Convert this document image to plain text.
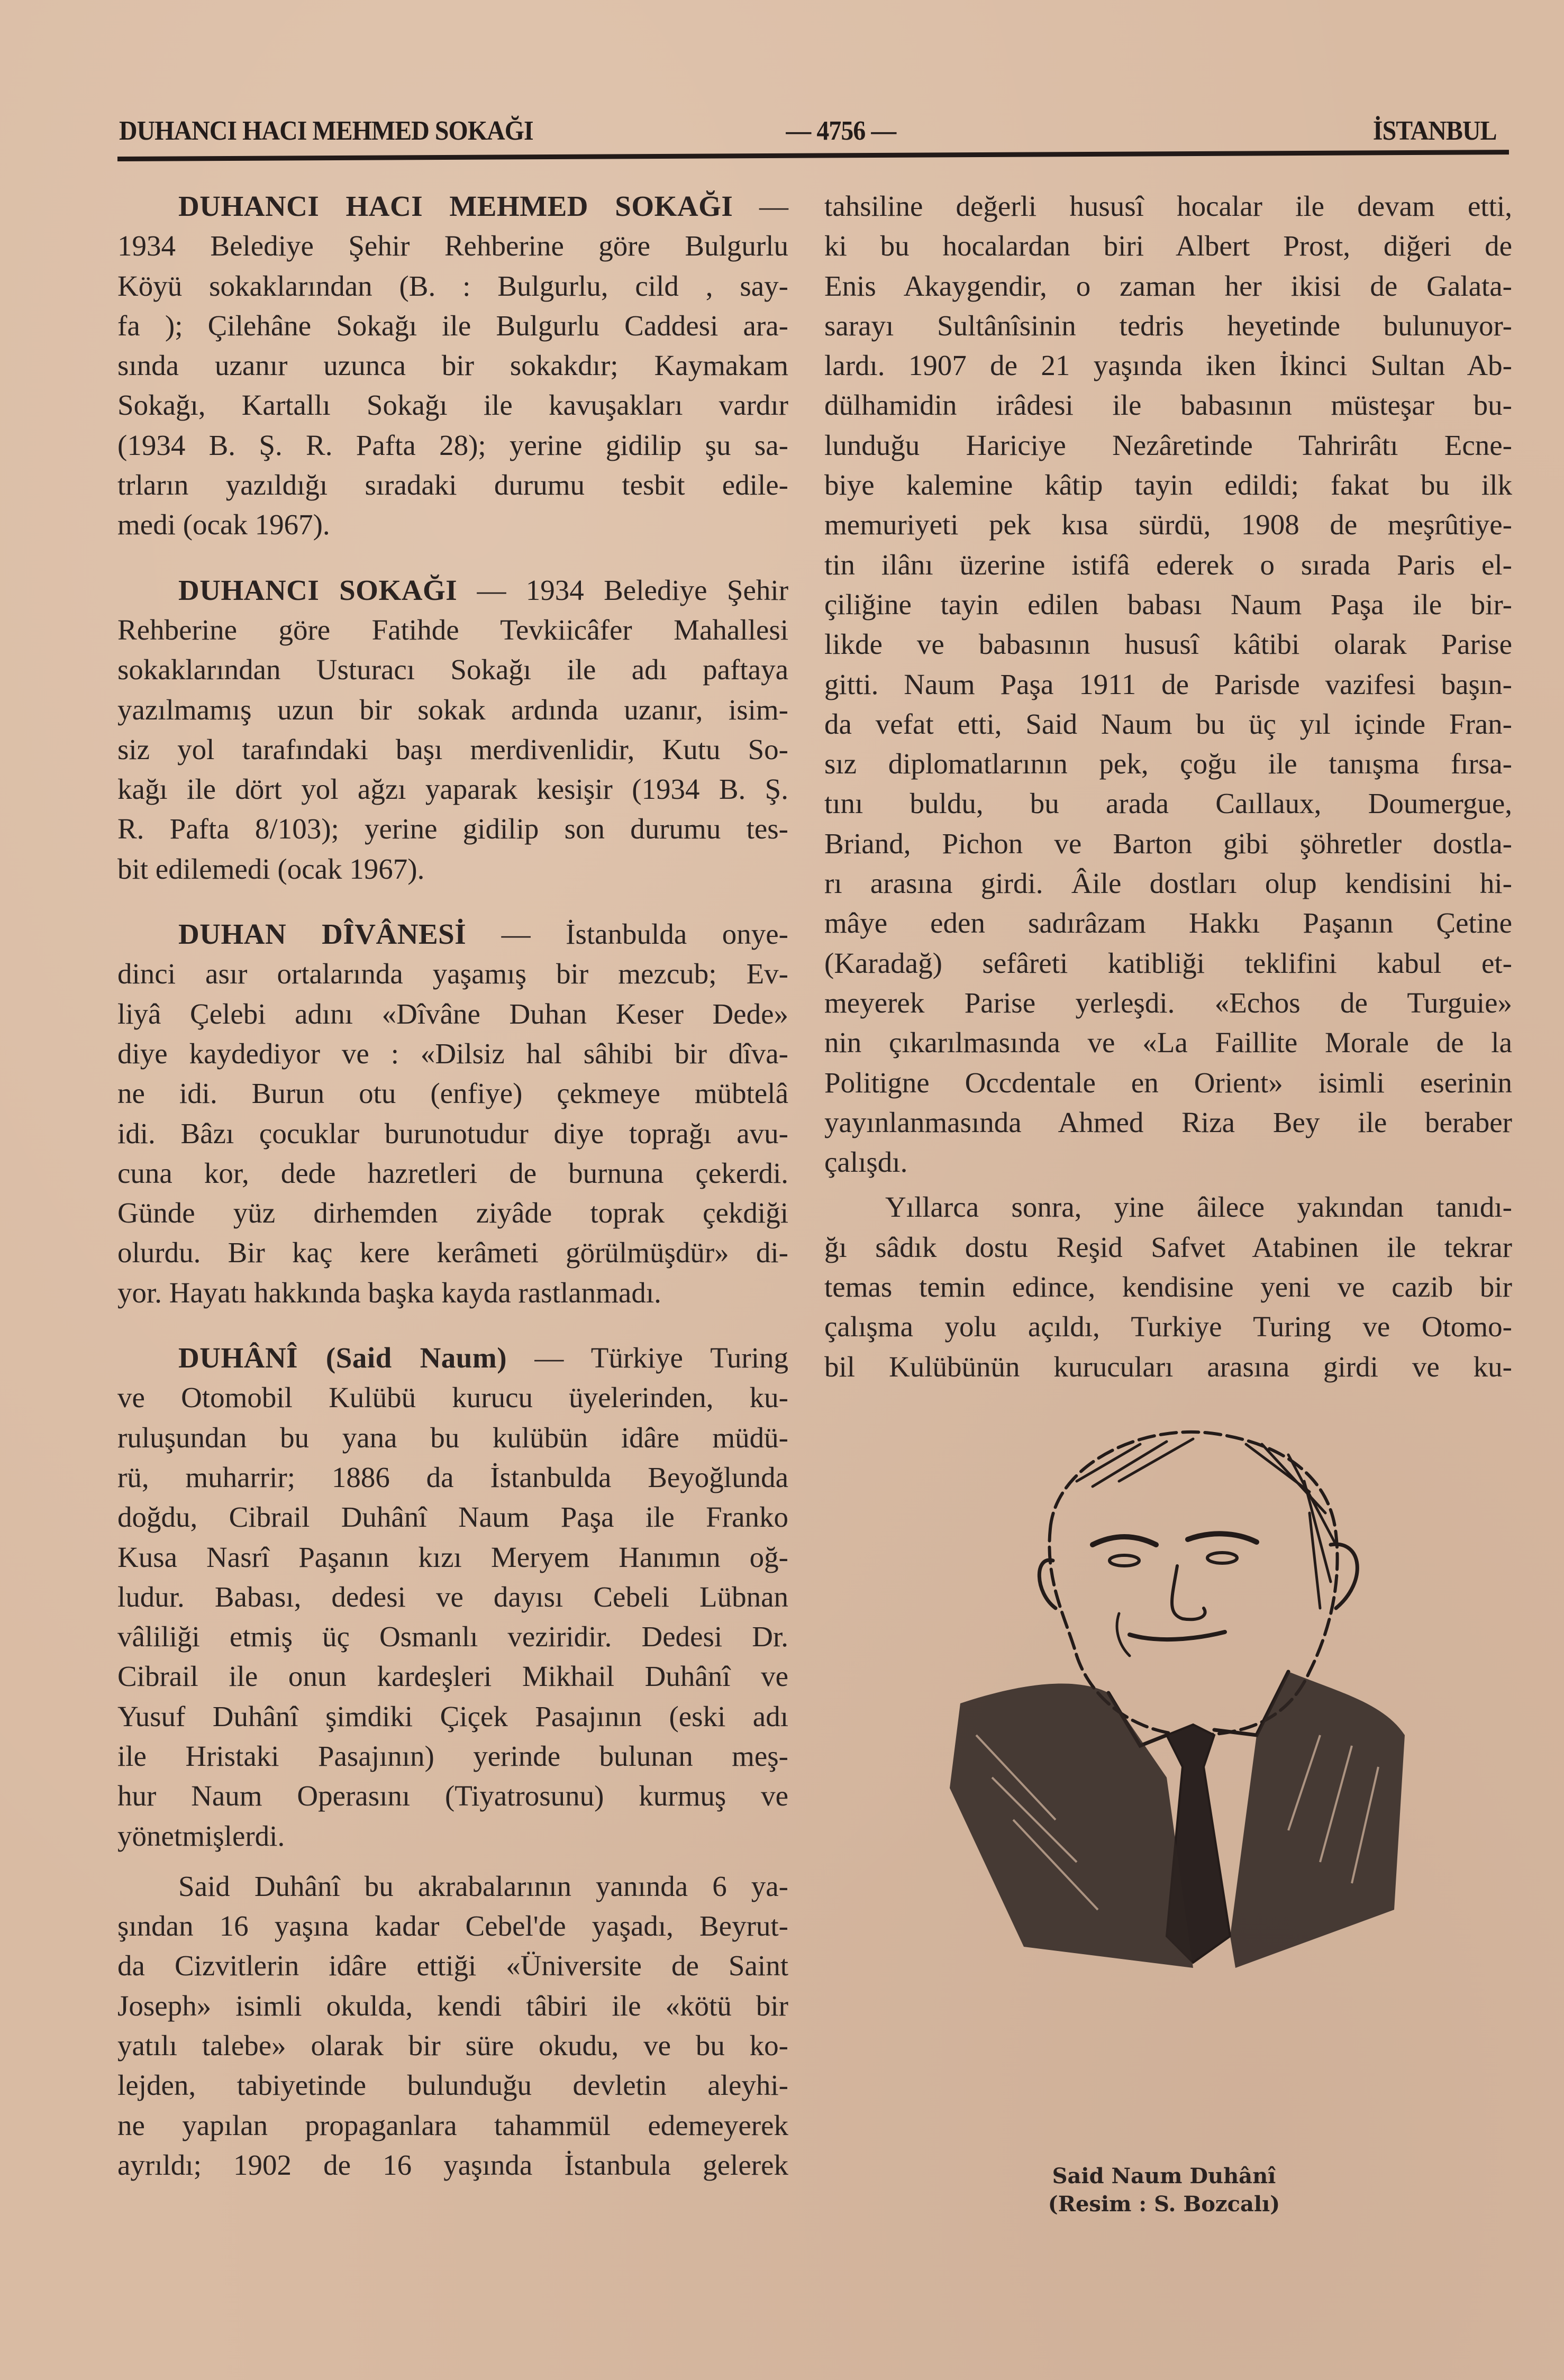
DUHANCI HACI MEHMED SOKAĞI	— 4756 —	İSTANBUL
DUHANCI HACI MEHMED SOKAĞI —
1934 Belediye Şehir Rehberine göre Bulgurlu
Köyü sokaklarından (B. : Bulgurlu, cild , say-
fa ); Çilehâne Sokağı ile Bulgurlu Caddesi ara-
sında uzanır uzunca bir sokakdır; Kaymakam
Sokağı, Kartallı Sokağı ile kavuşakları vardır
(1934 B. Ş. R. Pafta 28); yerine gidilip şu sa-
trların yazıldığı sıradaki durumu tesbit edile-
medi (ocak 1967).
DUHANCI SOKAĞI — 1934 Belediye Şehir
Rehberine göre Fatihde Tevkiicâfer Mahallesi
sokaklarından Usturacı Sokağı ile adı paftaya
yazılmamış uzun bir sokak ardında uzanır, isim-
siz yol tarafındaki başı merdivenlidir, Kutu So-
kağı ile dört yol ağzı yaparak kesişir (1934 B. Ş.
R. Pafta 8/103); yerine gidilip son durumu tes-
bit edilemedi (ocak 1967).
DUHAN DÎVÂNESİ — İstanbulda onye-
dinci asır ortalarında yaşamış bir mezcub; Ev-
liyâ Çelebi adını «Dîvâne Duhan Keser Dede»
diye kaydediyor ve : «Dilsiz hal sâhibi bir dîva-
ne idi. Burun otu (enfiye) çekmeye mübtelâ
idi. Bâzı çocuklar burunotudur diye toprağı avu-
cuna kor, dede hazretleri de burnuna çekerdi.
Günde yüz dirhemden ziyâde toprak çekdiği
olurdu. Bir kaç kere kerâmeti görülmüşdür» di-
yor. Hayatı hakkında başka kayda rastlanmadı.
DUHÂNÎ (Said Naum) — Türkiye Turing
ve Otomobil Kulübü kurucu üyelerinden, ku-
ruluşundan bu yana bu kulübün idâre müdü-
rü, muharrir; 1886 da İstanbulda Beyoğlunda
doğdu, Cibrail Duhânî Naum Paşa ile Franko
Kusa Nasrî Paşanın kızı Meryem Hanımın oğ-
ludur. Babası, dedesi ve dayısı Cebeli Lübnan
vâliliği etmiş üç Osmanlı veziridir. Dedesi Dr.
Cibrail ile onun kardeşleri Mikhail Duhânî ve
Yusuf Duhânî şimdiki Çiçek Pasajının (eski adı
ile Hristaki Pasajının) yerinde bulunan meş-
hur Naum Operasını (Tiyatrosunu) kurmuş ve
yönetmişlerdi.
Said Duhânî bu akrabalarının yanında 6 ya-
şından 16 yaşına kadar Cebel'de yaşadı, Beyrut-
da Cizvitlerin idâre ettiği «Üniversite de Saint
Joseph» isimli okulda, kendi tâbiri ile «kötü bir
yatılı talebe» olarak bir süre okudu, ve bu ko-
lejden, tabiyetinde bulunduğu devletin aleyhi-
ne yapılan propaganlara tahammül edemeyerek
ayrıldı; 1902 de 16 yaşında İstanbula gelerek
tahsiline değerli hususî hocalar ile devam etti,
ki bu hocalardan biri Albert Prost, diğeri de
Enis Akaygendir, o zaman her ikisi de Galata-
sarayı Sultânîsinin tedris heyetinde bulunuyor-
lardı. 1907 de 21 yaşında iken İkinci Sultan Ab-
dülhamidin irâdesi ile babasının müsteşar bu-
lunduğu Hariciye Nezâretinde Tahrirâtı Ecne-
biye kalemine kâtip tayin edildi; fakat bu ilk
memuriyeti pek kısa sürdü, 1908 de meşrûtiye-
tin ilânı üzerine istifâ ederek o sırada Paris el-
çiliğine tayin edilen babası Naum Paşa ile bir-
likde ve babasının hususî kâtibi olarak Parise
gitti. Naum Paşa 1911 de Parisde vazifesi başın-
da vefat etti, Said Naum bu üç yıl içinde Fran-
sız diplomatlarının pek, çoğu ile tanışma fırsa-
tını buldu, bu arada Caıllaux, Doumergue,
Briand, Pichon ve Barton gibi şöhretler dostla-
rı arasına girdi. Âile dostları olup kendisini hi-
mâye eden sadırâzam Hakkı Paşanın Çetine
(Karadağ) sefâreti katibliği teklifini kabul et-
meyerek Parise yerleşdi. «Echos de Turguie»
nin çıkarılmasında ve «La Faillite Morale de la
Politigne Occdentale en Orient» isimli eserinin
yayınlanmasında Ahmed Riza Bey ile beraber
çalışdı.
Yıllarca sonra, yine âilece yakından tanıdı-
ğı sâdık dostu Reşid Safvet Atabinen ile tekrar
temas temin edince, kendisine yeni ve cazib bir
çalışma yolu açıldı, Turkiye Turing ve Otomo-
bil Kulübünün kurucuları arasına girdi ve ku-
Said Naum Duhânî
(Resim : S. Bozcalı)
